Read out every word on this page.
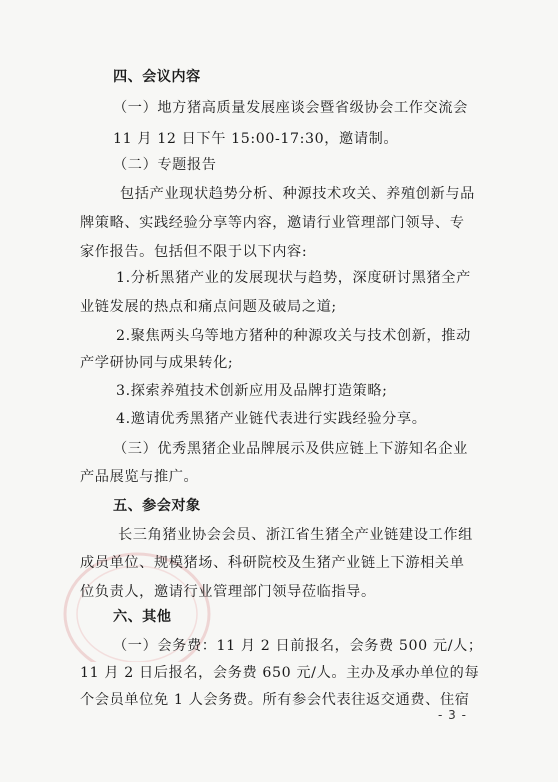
四、会议内容
（一）地方猪高质量发展座谈会暨省级协会工作交流会
11 月 12 日下午 15:00-17:30，邀请制。
（二）专题报告
包括产业现状趋势分析、种源技术攻关、养殖创新与品
牌策略、实践经验分享等内容，邀请行业管理部门领导、专
家作报告。包括但不限于以下内容:
1.分析黑猪产业的发展现状与趋势，深度研讨黑猪全产
业链发展的热点和痛点问题及破局之道;
2.聚焦两头乌等地方猪种的种源攻关与技术创新，推动
产学研协同与成果转化;
3.探索养殖技术创新应用及品牌打造策略;
4.邀请优秀黑猪产业链代表进行实践经验分享。
（三）优秀黑猪企业品牌展示及供应链上下游知名企业
产品展览与推广。
五、参会对象
长三角猪业协会会员、浙江省生猪全产业链建设工作组
成员单位、规模猪场、科研院校及生猪产业链上下游相关单
位负责人，邀请行业管理部门领导莅临指导。
六、其他
（一）会务费：11 月 2 日前报名，会务费 500 元/人；
11 月 2 日后报名，会务费 650 元/人。主办及承办单位的每
个会员单位免 1 人会务费。所有参会代表往返交通费、住宿
- 3 -
